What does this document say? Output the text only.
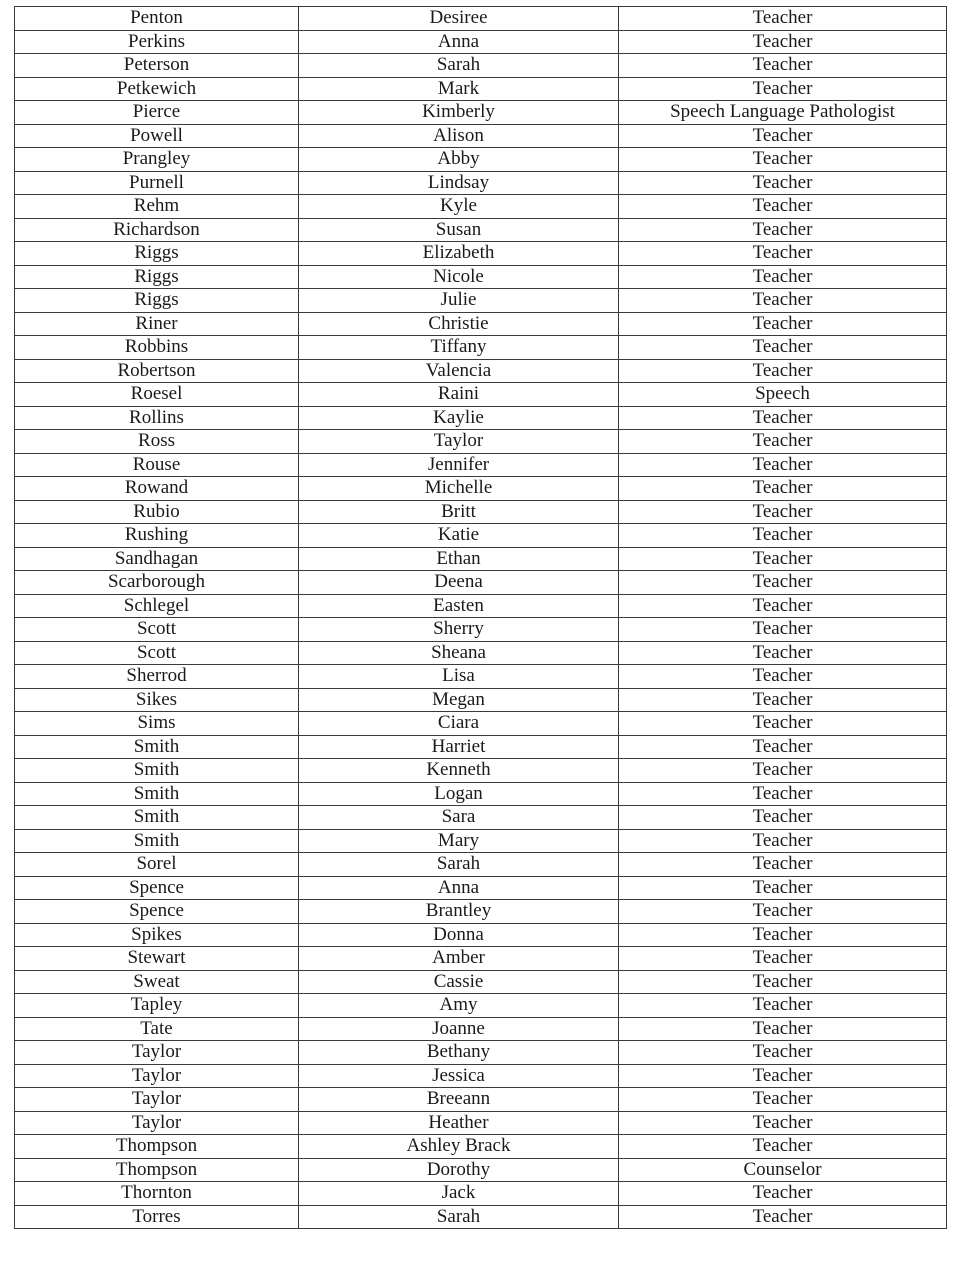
Penton	Desiree	Teacher
Perkins	Anna	Teacher
Peterson	Sarah	Teacher
Petkewich	Mark	Teacher
Pierce	Kimberly	Speech Language Pathologist
Powell	Alison	Teacher
Prangley	Abby	Teacher
Purnell	Lindsay	Teacher
Rehm	Kyle	Teacher
Richardson	Susan	Teacher
Riggs	Elizabeth	Teacher
Riggs	Nicole	Teacher
Riggs	Julie	Teacher
Riner	Christie	Teacher
Robbins	Tiffany	Teacher
Robertson	Valencia	Teacher
Roesel	Raini	Speech
Rollins	Kaylie	Teacher
Ross	Taylor	Teacher
Rouse	Jennifer	Teacher
Rowand	Michelle	Teacher
Rubio	Britt	Teacher
Rushing	Katie	Teacher
Sandhagan	Ethan	Teacher
Scarborough	Deena	Teacher
Schlegel	Easten	Teacher
Scott	Sherry	Teacher
Scott	Sheana	Teacher
Sherrod	Lisa	Teacher
Sikes	Megan	Teacher
Sims	Ciara	Teacher
Smith	Harriet	Teacher
Smith	Kenneth	Teacher
Smith	Logan	Teacher
Smith	Sara	Teacher
Smith	Mary	Teacher
Sorel	Sarah	Teacher
Spence	Anna	Teacher
Spence	Brantley	Teacher
Spikes	Donna	Teacher
Stewart	Amber	Teacher
Sweat	Cassie	Teacher
Tapley	Amy	Teacher
Tate	Joanne	Teacher
Taylor	Bethany	Teacher
Taylor	Jessica	Teacher
Taylor	Breeann	Teacher
Taylor	Heather	Teacher
Thompson	Ashley Brack	Teacher
Thompson	Dorothy	Counselor
Thornton	Jack	Teacher
Torres	Sarah	Teacher
